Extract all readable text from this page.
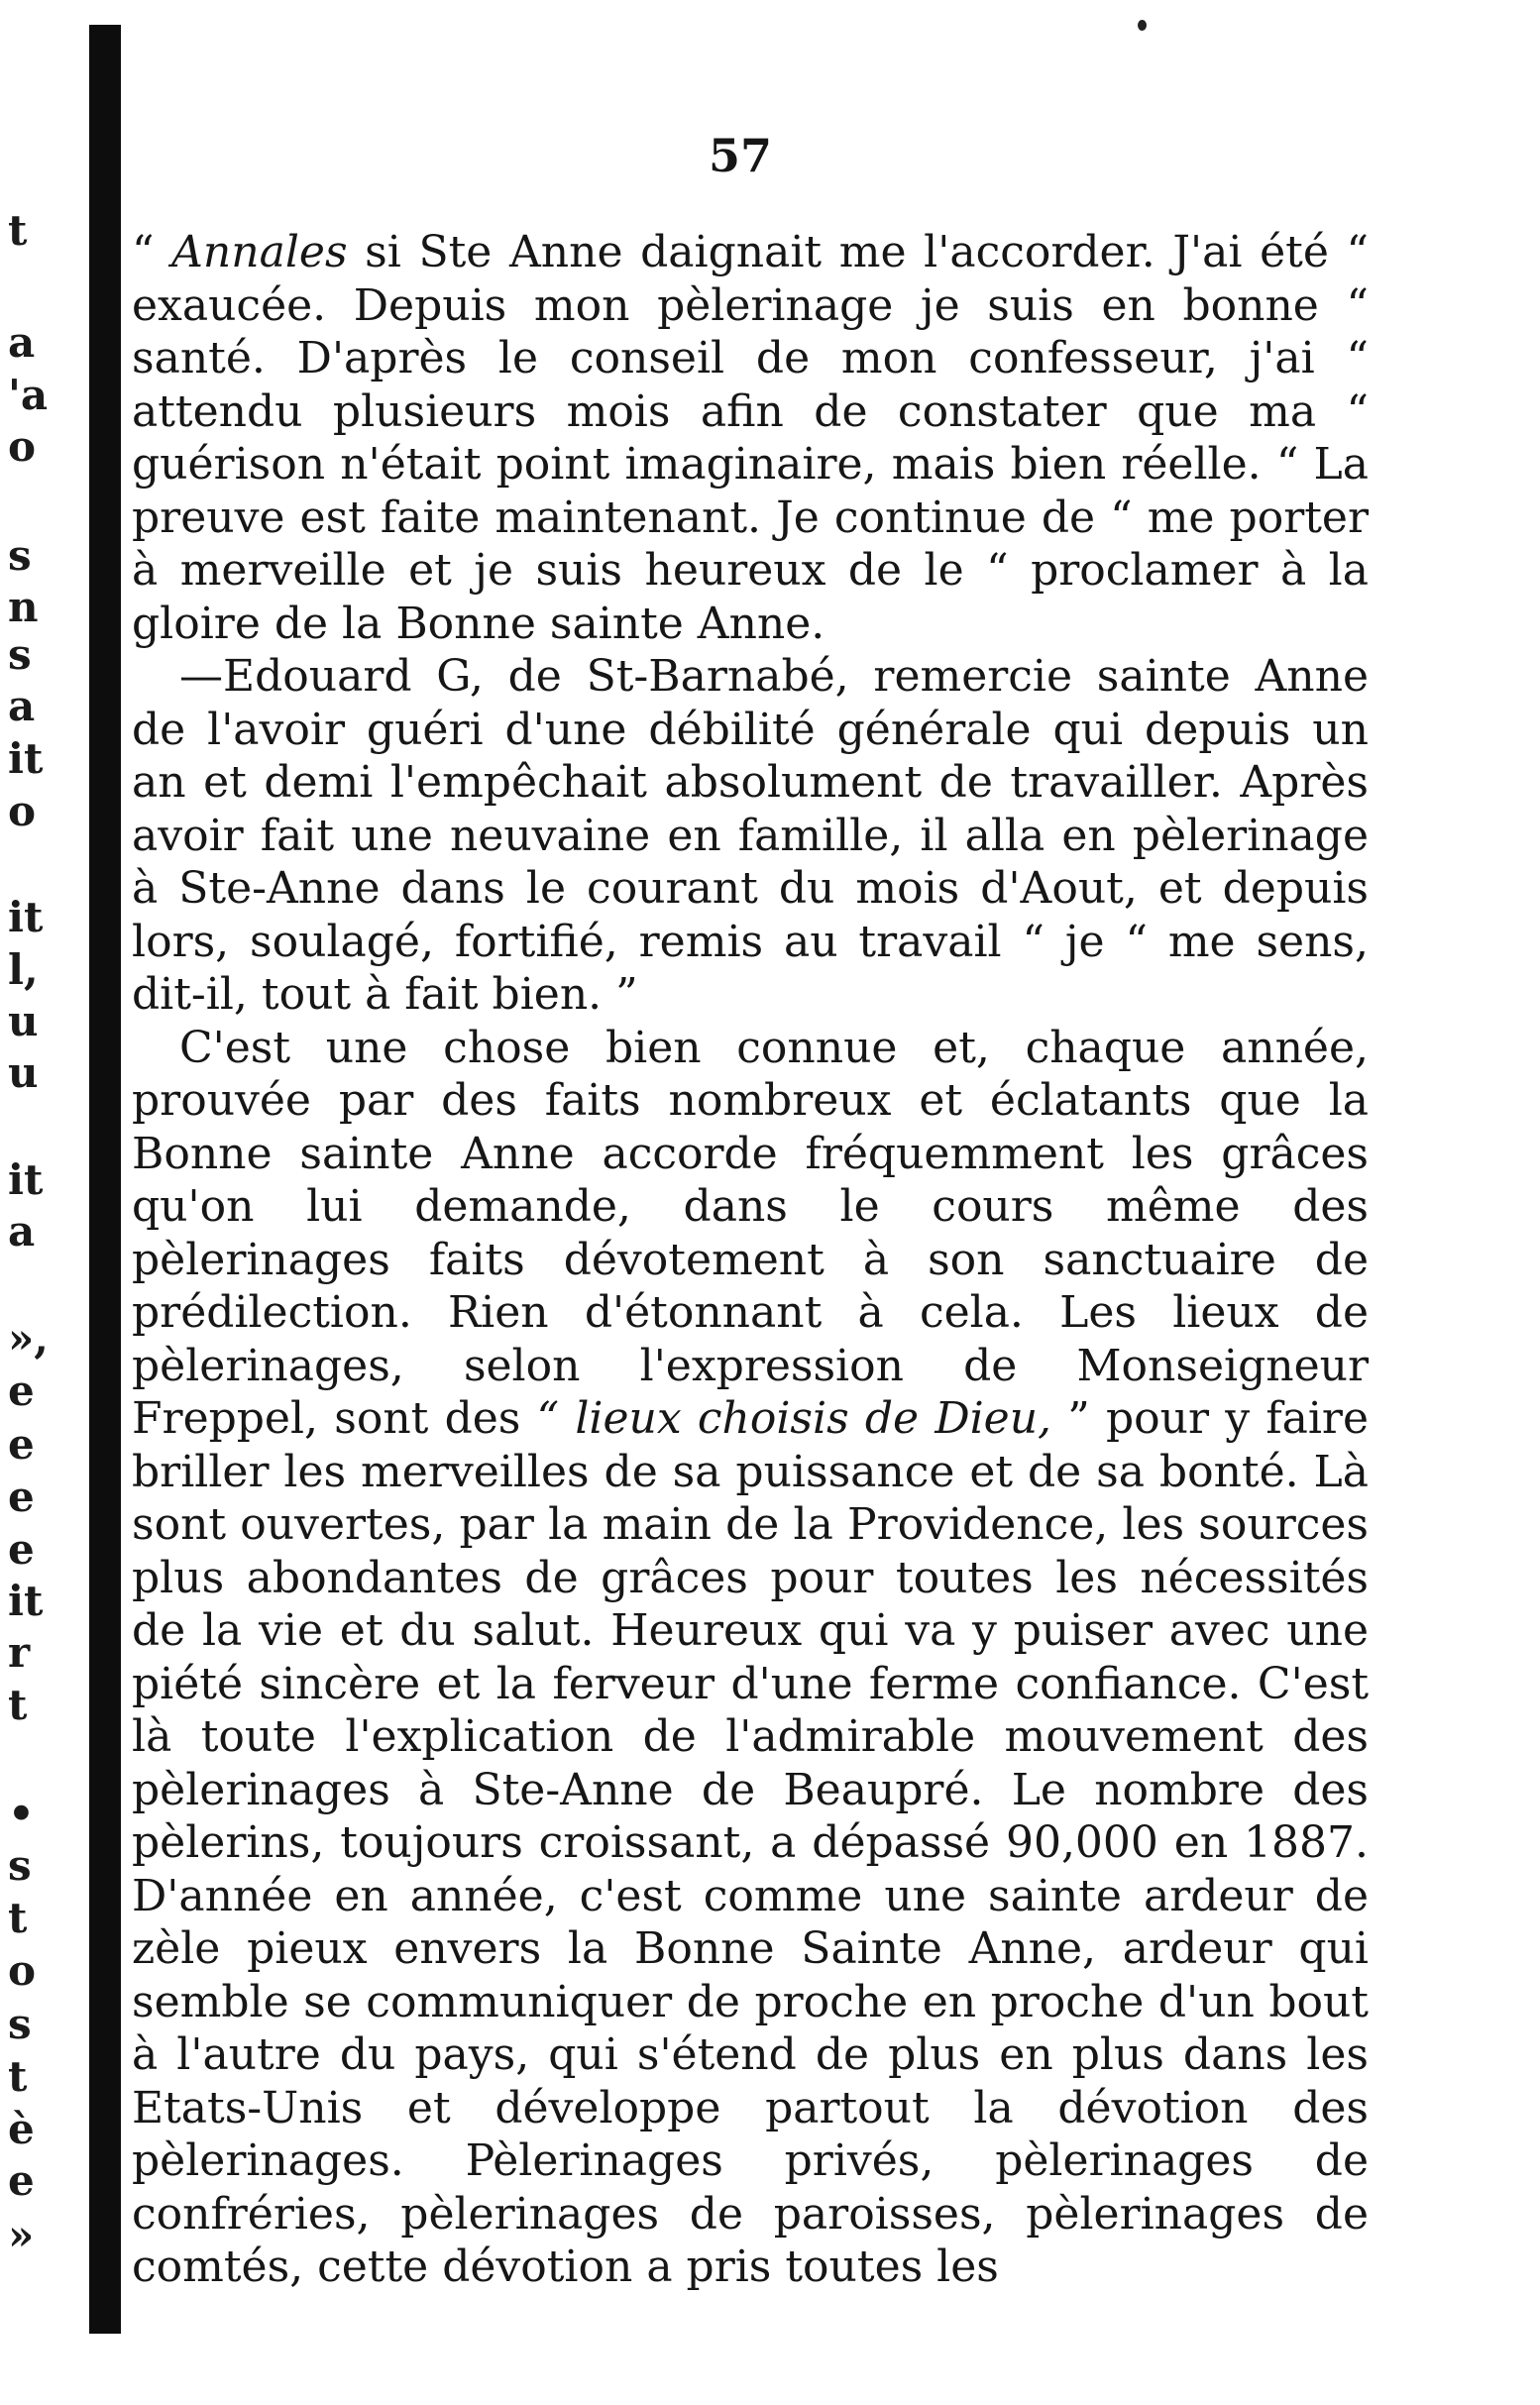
t
a
'a
o
s
n
s
a
it
o
it
l,
u
u
it
a
»,
e
e
e
e
it
r
t
•
s
t
o
s
t
è
e
»
57

“ Annales si Ste Anne daignait me l'accorder. J'ai été “ exaucée. Depuis mon pèlerinage je suis en bonne “ santé. D'après le conseil de mon confesseur, j'ai “ attendu plusieurs mois afin de constater que ma “ guérison n'était point imaginaire, mais bien réelle. “ La preuve est faite maintenant. Je continue de “ me porter à merveille et je suis heureux de le “ proclamer à la gloire de la Bonne sainte Anne.

—Edouard G, de St-Barnabé, remercie sainte Anne de l'avoir guéri d'une débilité générale qui depuis un an et demi l'empêchait absolument de travailler. Après avoir fait une neuvaine en famille, il alla en pèlerinage à Ste-Anne dans le courant du mois d'Aout, et depuis lors, soulagé, fortifié, remis au travail “ je “ me sens, dit-il, tout à fait bien. ”

C'est une chose bien connue et, chaque année, prouvée par des faits nombreux et éclatants que la Bonne sainte Anne accorde fréquemment les grâces qu'on lui demande, dans le cours même des pèlerinages faits dévotement à son sanctuaire de prédilection. Rien d'étonnant à cela. Les lieux de pèlerinages, selon l'expression de Monseigneur Freppel, sont des “ lieux choisis de Dieu, ” pour y faire briller les merveilles de sa puissance et de sa bonté. Là sont ouvertes, par la main de la Providence, les sources plus abondantes de grâces pour toutes les nécessités de la vie et du salut. Heureux qui va y puiser avec une piété sincère et la ferveur d'une ferme confiance. C'est là toute l'explication de l'admirable mouvement des pèlerinages à Ste-Anne de Beaupré. Le nombre des pèlerins, toujours croissant, a dépassé 90,000 en 1887. D'année en année, c'est comme une sainte ardeur de zèle pieux envers la Bonne Sainte Anne, ardeur qui semble se communiquer de proche en proche d'un bout à l'autre du pays, qui s'étend de plus en plus dans les Etats-Unis et développe partout la dévotion des pèlerinages. Pèlerinages privés, pèlerinages de confréries, pèlerinages de paroisses, pèlerinages de comtés, cette dévotion a pris toutes les
